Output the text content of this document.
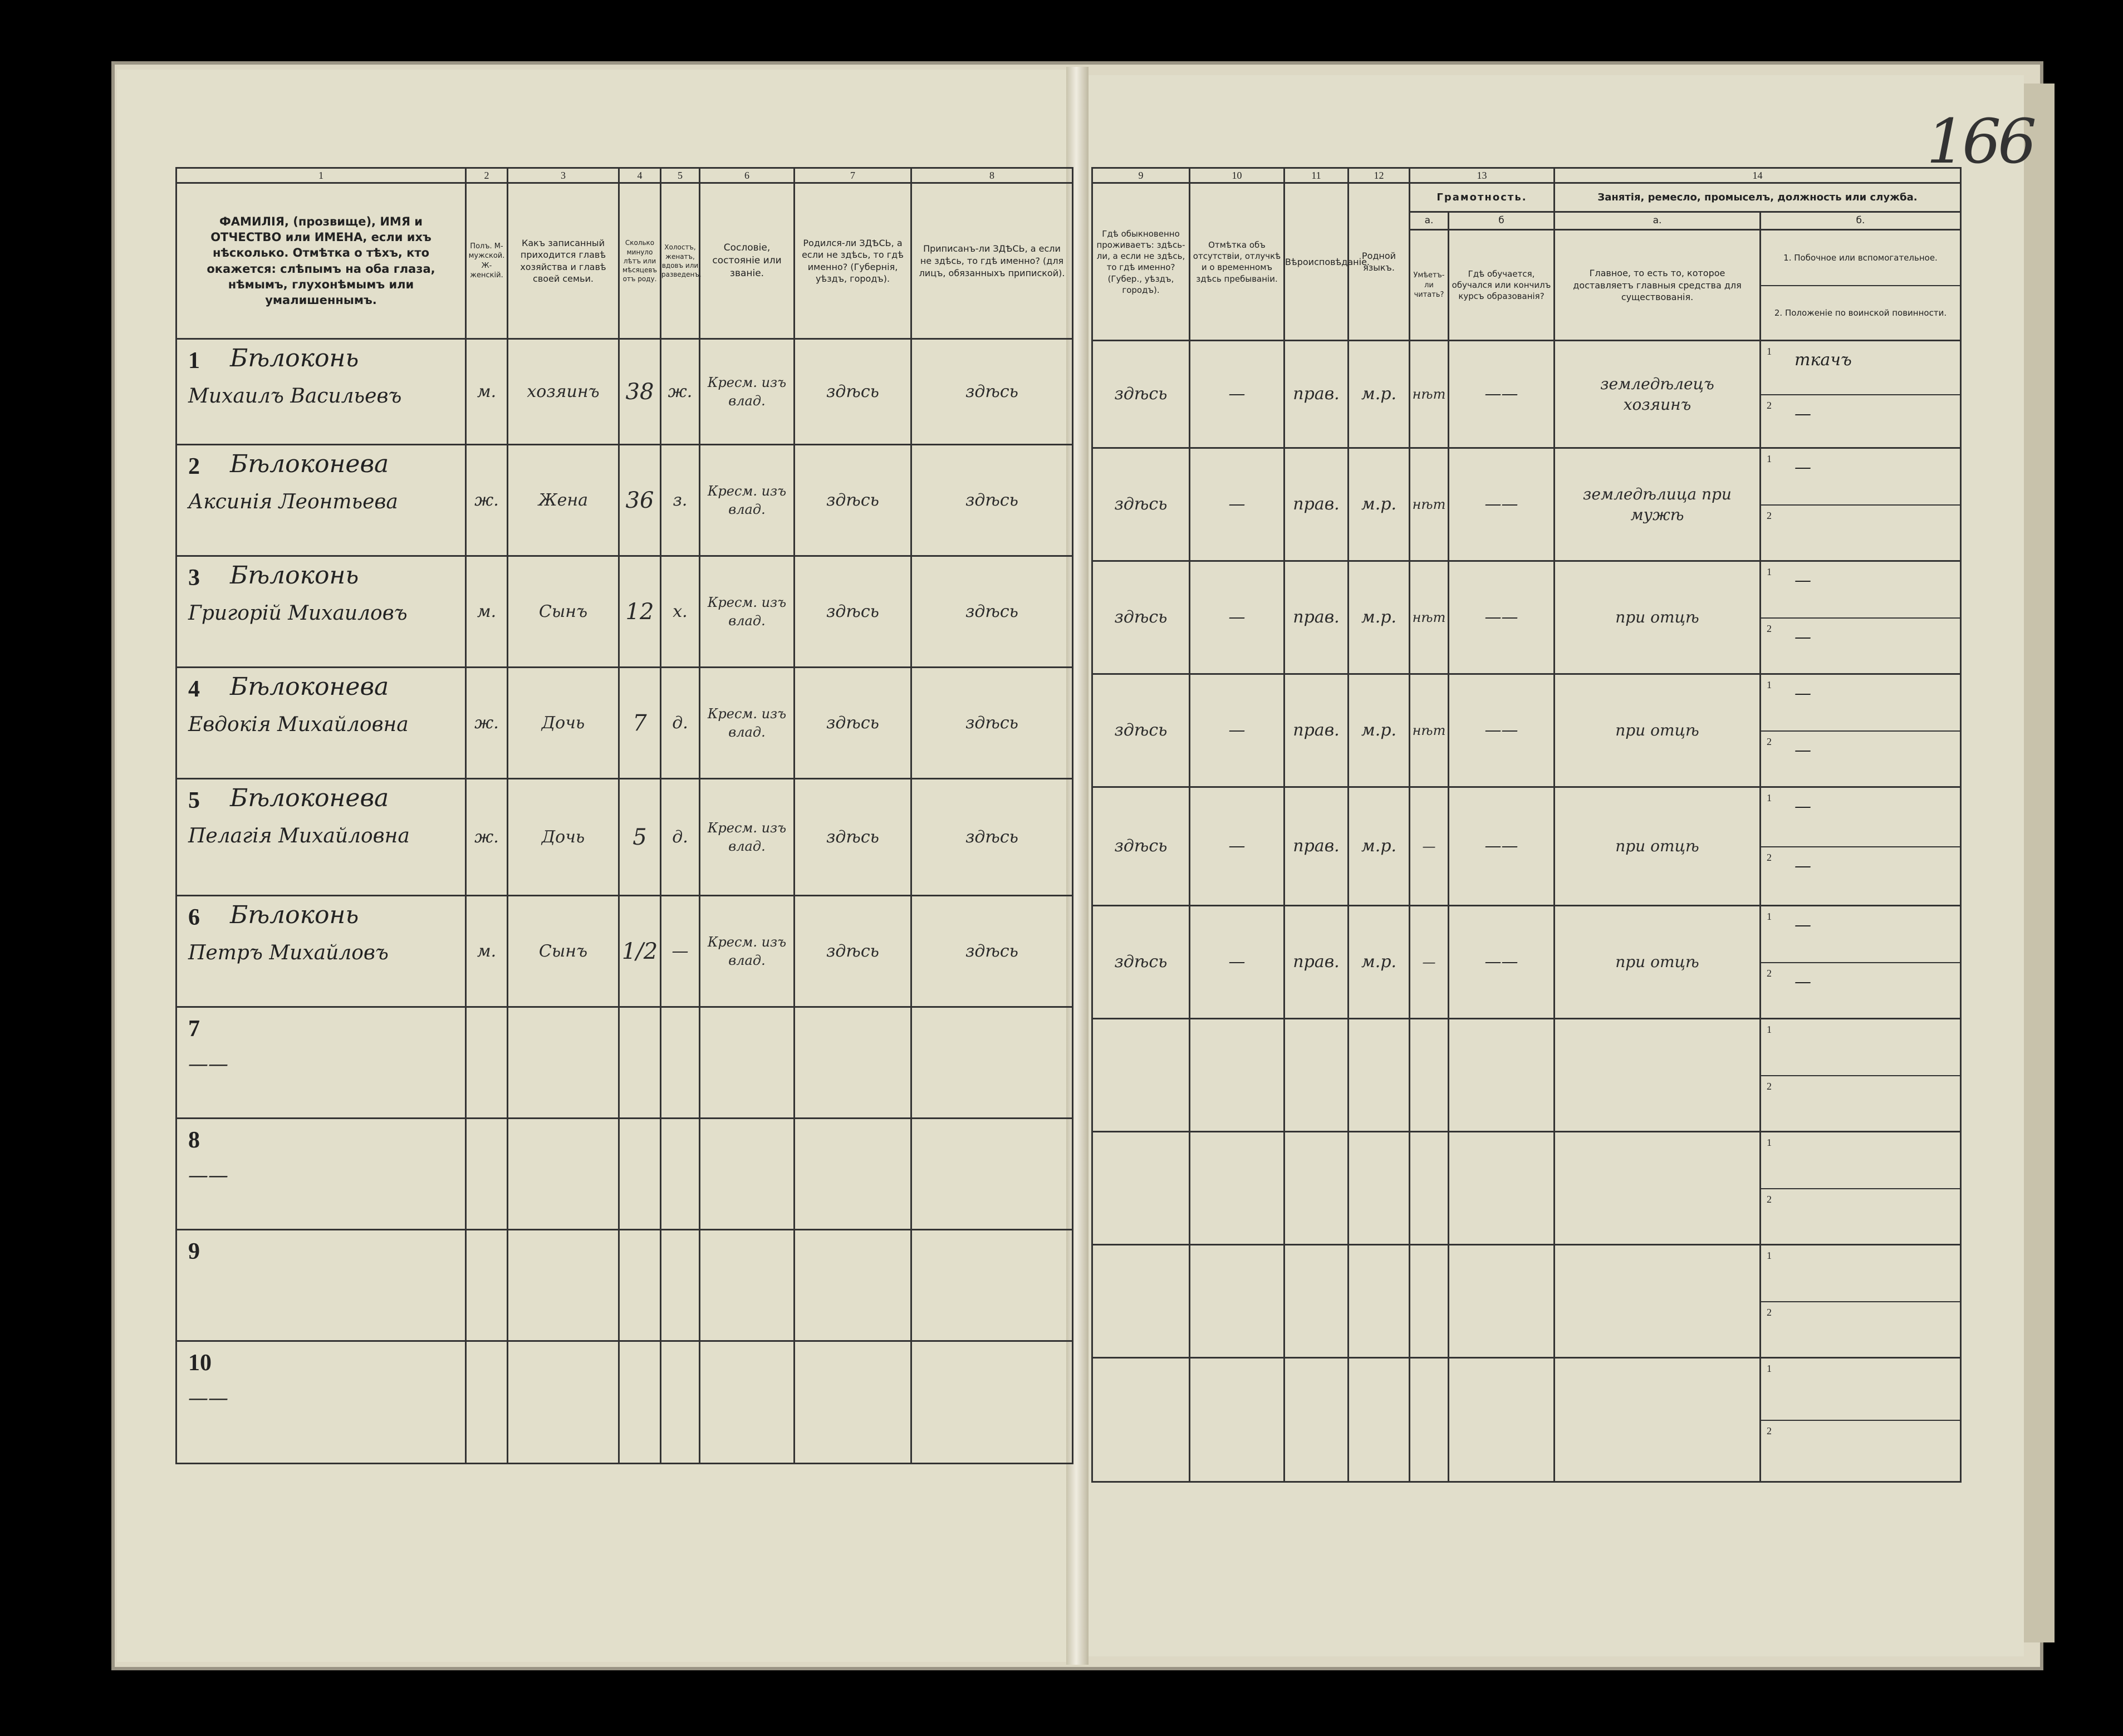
166
1	2	3	4	5	6	7	8
ФАМИЛІЯ, (прозвище), ИМЯ и ОТЧЕСТВО или ИМЕНА, если ихъ нѣсколько. Отмѣтка о тѣхъ, кто окажется: слѣпымъ на оба глаза, нѣмымъ, глухонѣмымъ или умалишеннымъ.	Полъ. М-мужской. Ж-женскій.	Какъ записанный приходится главѣ хозяйства и главѣ своей семьи.	Сколько минуло лѣтъ или мѣсяцевъ отъ роду.	Холостъ, женатъ, вдовъ или разведенъ.	Сословіе, состояніе или званіе.	Родился-ли ЗДѢСЬ, а если не здѣсь, то гдѣ именно? (Губернія, уѣздъ, городъ).	Приписанъ-ли ЗДѢСЬ, а если не здѣсь, то гдѣ именно? (для лицъ, обязанныхъ припиской).

1 Бѣлоконь
Михаилъ Васильевъ	м.	хозяинъ	38	ж.	Кресм. изъ влад.	здѣсь	здѣсь

2 Бѣлоконева
Аксинія Леонтьева	ж.	Жена	36	з.	Кресм. изъ влад.	здѣсь	здѣсь

3 Бѣлоконь
Григорій Михаиловъ	м.	Сынъ	12	х.	Кресм. изъ влад.	здѣсь	здѣсь

4 Бѣлоконева
Евдокія Михайловна	ж.	Дочь	7	д.	Кресм. изъ влад.	здѣсь	здѣсь

5 Бѣлоконева
Пелагія Михайловна	ж.	Дочь	5	д.	Кресм. изъ влад.	здѣсь	здѣсь

6 Бѣлоконь
Петръ Михайловъ	м.	Сынъ	1/2	—	Кресм. изъ влад.	здѣсь	здѣсь

7
——							

8
——							

9							

10
——							

9	10	11	12	13		14	
Гдѣ обыкновенно проживаетъ: здѣсь-ли, а если не здѣсь, то гдѣ именно? (Губер., уѣздъ, городъ).	Отмѣтка объ отсутствіи, отлучкѣ и о временномъ здѣсь пребываніи.	Вѣроисповѣданіе.	Родной языкъ.	Грамотность.		Занятія, ремесло, промыселъ, должность или служба.	
				а.	б	а.	б.
				Умѣетъ-ли читать?	Гдѣ обучается, обучался или кончилъ курсъ образованія?	Главное, то есть то, которое доставляетъ главныя средства для существованія.	1. Побочное или вспомогательное.
2. Положеніе по воинской повинности.

здѣсь	—	прав.	м.р.	нѣт	——	земледѣлецъ хозяинъ	1 ткачъ
2 —

здѣсь	—	прав.	м.р.	нѣт	——	земледѣлица при мужѣ	1 —
2

здѣсь	—	прав.	м.р.	нѣт	——	при отцѣ	1 —
2 —

здѣсь	—	прав.	м.р.	нѣт	——	при отцѣ	1 —
2 —

здѣсь	—	прав.	м.р.	—	——	при отцѣ	1 —
2 —

здѣсь	—	прав.	м.р.	—	——	при отцѣ	1 —
2 —

							1
2

							1
2

							1
2

							1
2
